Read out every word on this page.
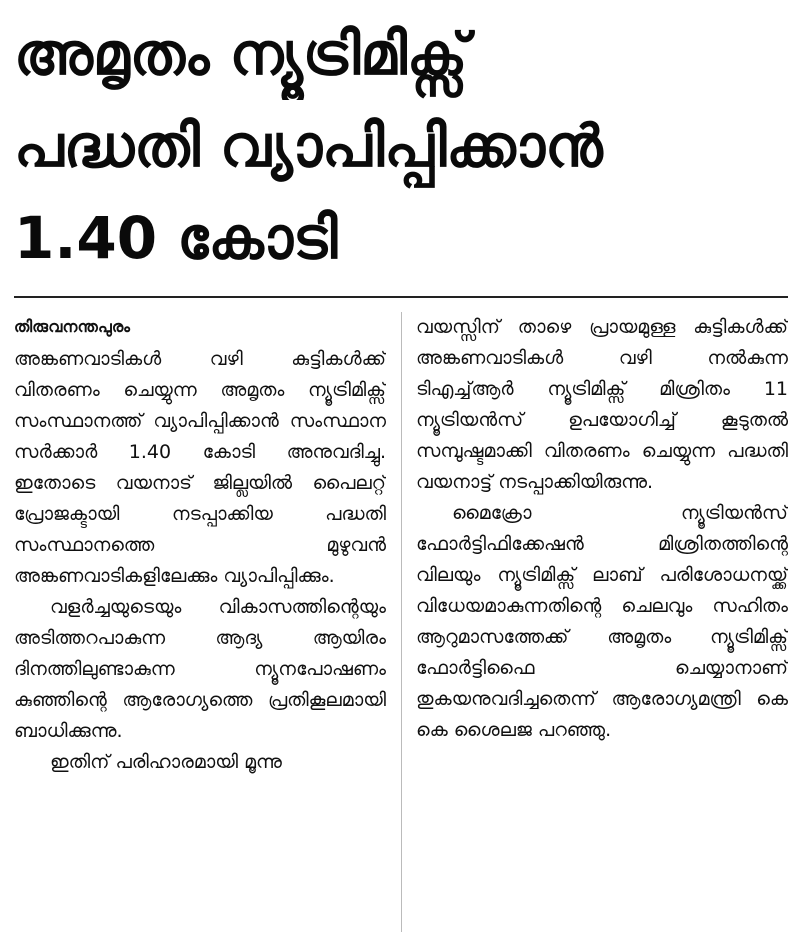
അമൃതം ന്യൂട്രിമിക്സ്
പദ്ധതി വ്യാപിപ്പിക്കാൻ
1.40 കോടി
തിരുവനന്തപുരം

അങ്കണവാടികൾ വഴി കുട്ടികൾക്ക് വിതരണം ചെയ്യുന്ന അമൃതം ന്യൂട്രിമിക്സ് സംസ്ഥാനത്ത് വ്യാപിപ്പിക്കാൻ സംസ്ഥാന സർക്കാർ 1.40 കോടി അനുവദിച്ചു. ഇതോടെ വയനാട് ജില്ലയിൽ പൈലറ്റ് പ്രോജക്ടായി നടപ്പാക്കിയ പദ്ധതി സംസ്ഥാനത്തെ മുഴുവൻ അങ്കണവാടികളിലേക്കും വ്യാപിപ്പിക്കും.

വളർച്ചയുടെയും വികാസത്തിന്റെയും അടിത്തറപാകുന്ന ആദ്യ ആയിരം ദിനത്തിലുണ്ടാകുന്ന ന്യൂനപോഷണം കുഞ്ഞിന്റെ ആരോഗ്യത്തെ പ്രതികൂലമായി ബാധിക്കുന്നു.

ഇതിന് പരിഹാരമായി മൂന്നു

വയസ്സിന് താഴെ പ്രായമുള്ള കുട്ടികൾക്ക് അങ്കണവാടികൾ വഴി നൽകുന്ന ടിഎച്ച്ആർ ന്യൂട്രിമിക്സ് മിശ്രിതം 11 ന്യൂട്രിയൻസ് ഉപയോഗിച്ച് കൂടുതൽ സമ്പുഷ്ടമാക്കി വിതരണം ചെയ്യുന്ന പദ്ധതി വയനാട്ട് നടപ്പാക്കിയിരുന്നു.

മൈക്രോ ന്യൂട്രിയൻസ് ഫോർട്ടിഫിക്കേഷൻ മിശ്രിതത്തിന്റെ വിലയും ന്യൂട്രിമിക്സ് ലാബ് പരിശോധനയ്ക്ക് വിധേയമാകുന്നതിന്റെ ചെലവും സഹിതം ആറുമാസത്തേക്ക് അമൃതം ന്യൂട്രിമിക്സ് ഫോർട്ടിഫൈ ചെയ്യാനാണ് തുകയനുവദിച്ചതെന്ന് ആരോഗ്യമന്ത്രി കെ കെ ശൈലജ പറഞ്ഞു.
